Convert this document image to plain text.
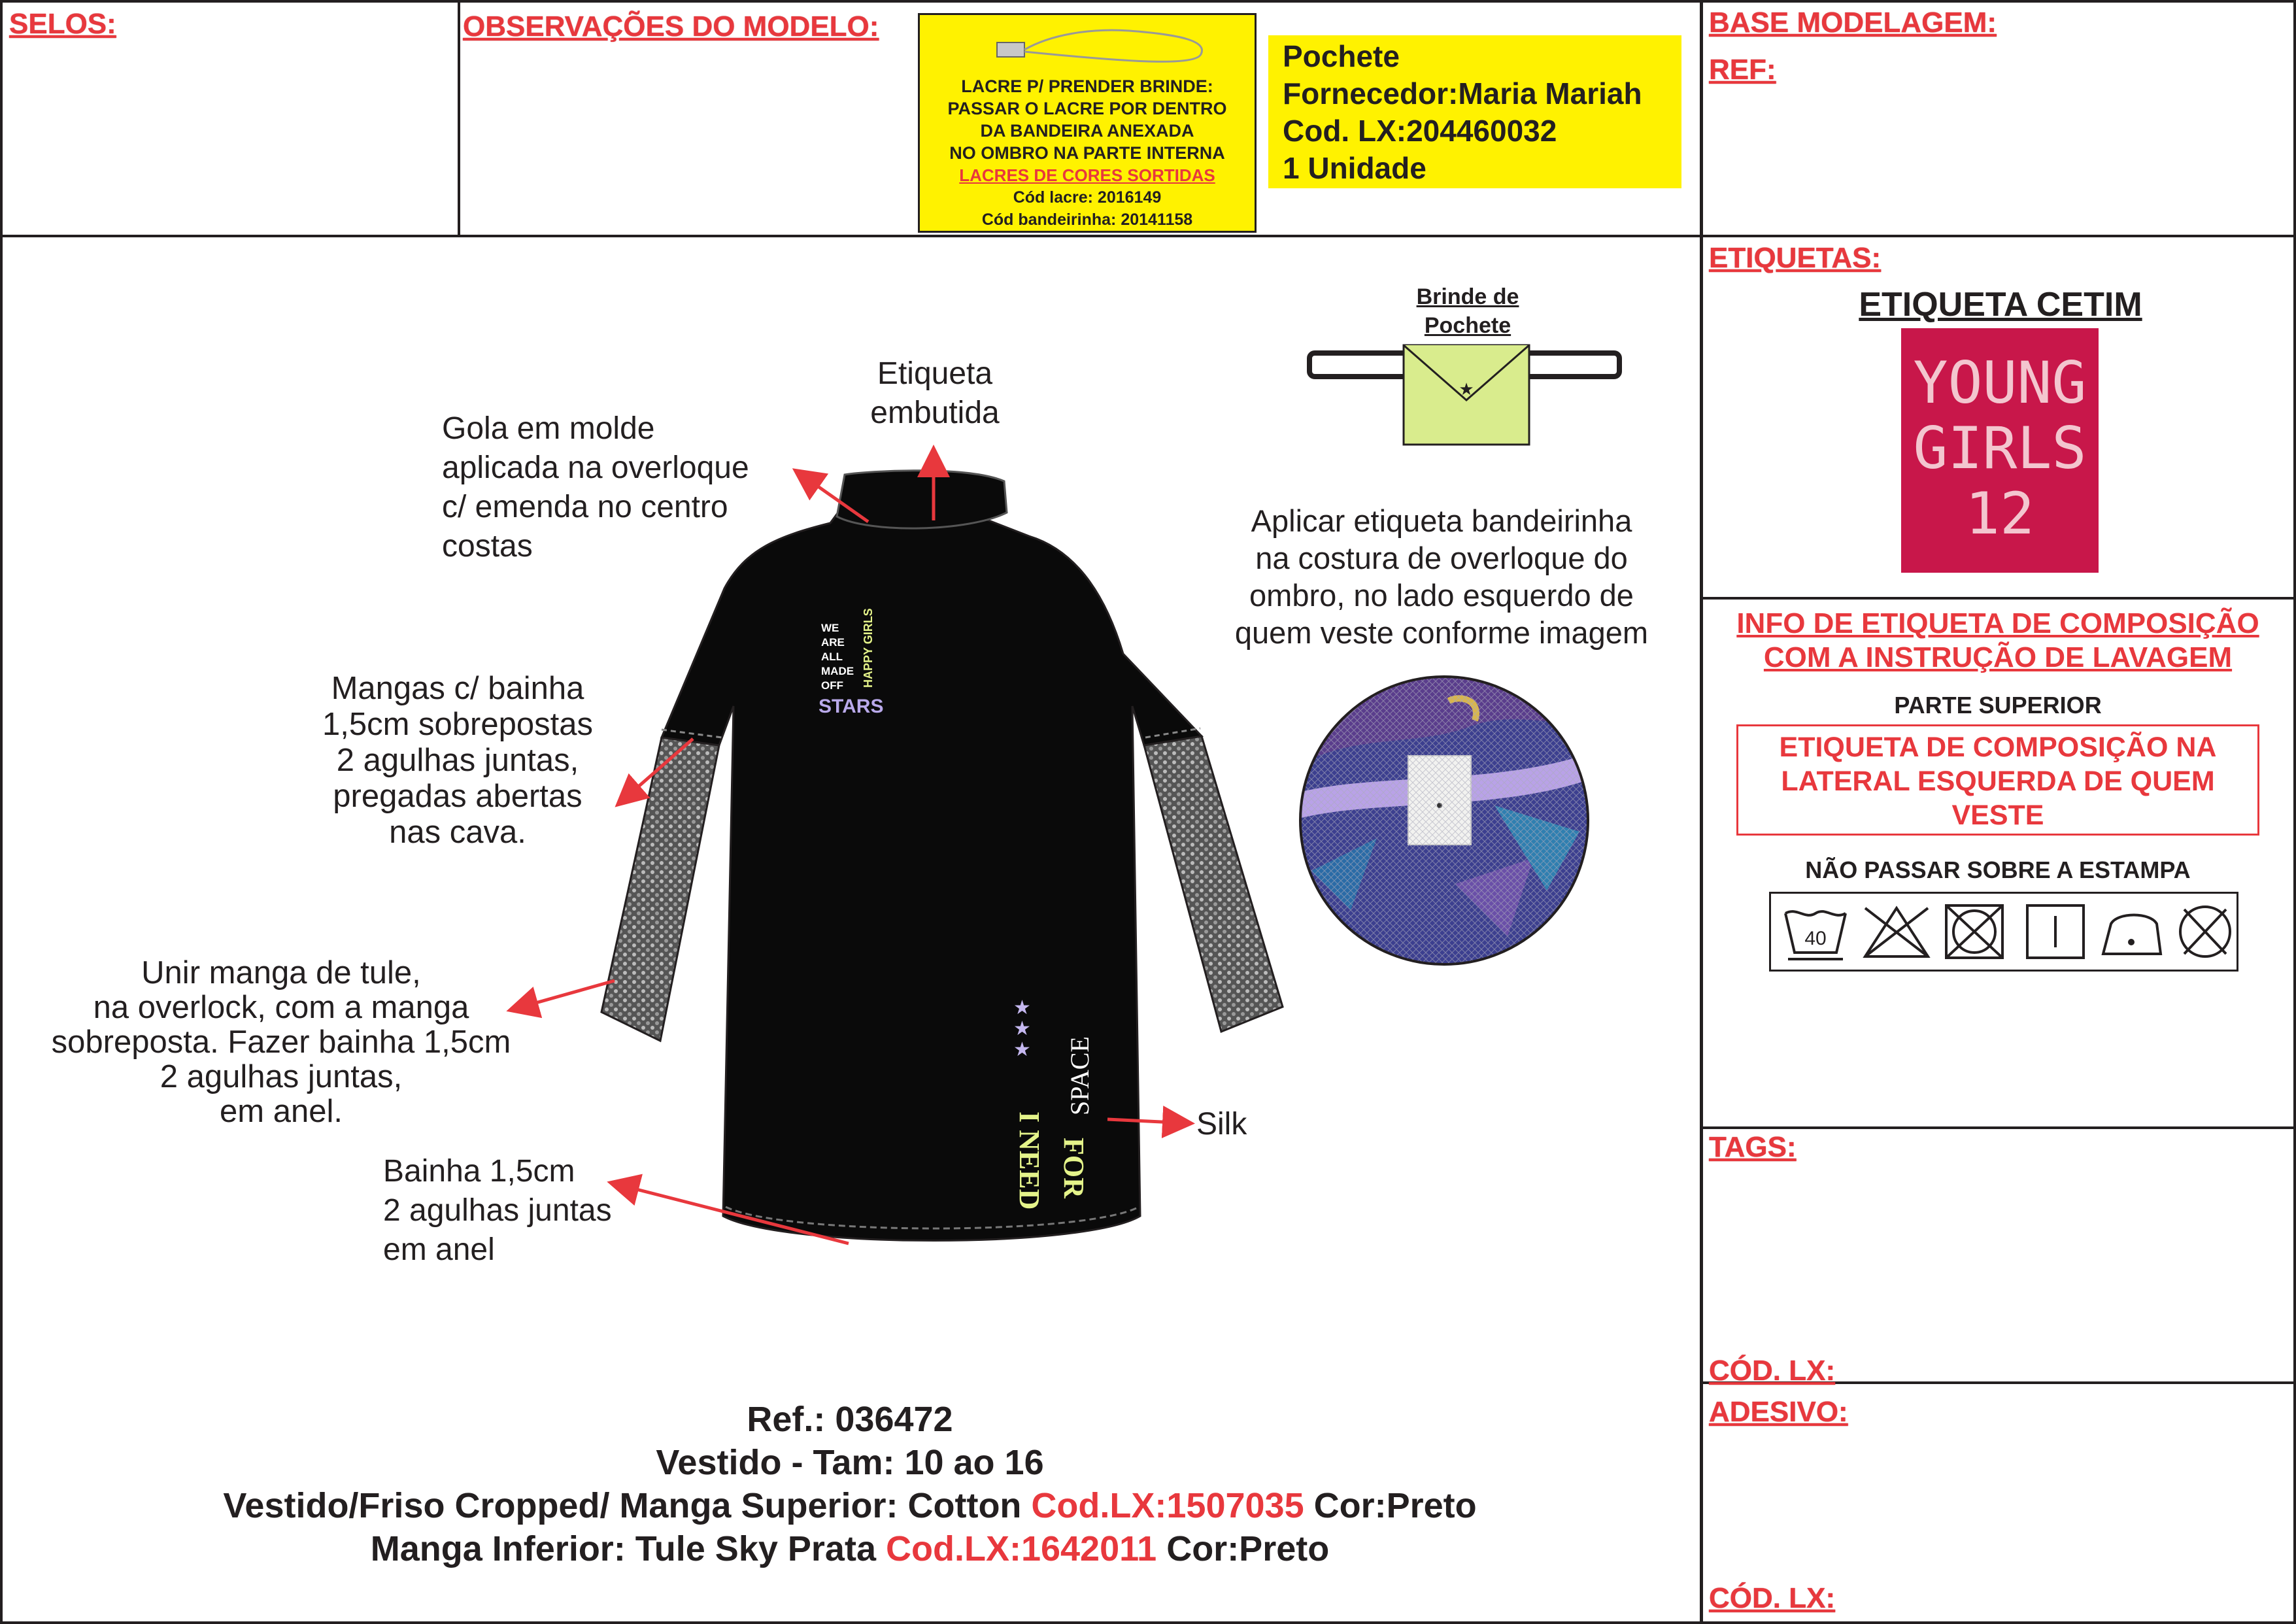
SELOS:	OBSERVAÇÕES DO MODELO:	BASE MODELAGEM:
REF:
ETIQUETAS:
TAGS:
CÓD. LX:
ADESIVO:
CÓD. LX:
LACRE P/ PRENDER BRINDE:
PASSAR O LACRE POR DENTRO
DA BANDEIRA ANEXADA
NO OMBRO NA PARTE INTERNA
LACRES DE CORES SORTIDAS
Cód lacre: 2016149
Cód bandeirinha: 20141158
Pochete
Fornecedor:Maria Mariah
Cod. LX:204460032
1 Unidade
Brinde de
Pochete
★
Etiqueta
embutida
Gola em molde
aplicada na overloque
c/ emenda no centro
costas
Mangas c/ bainha
1,5cm sobrepostas
2 agulhas juntas,
pregadas abertas
nas cava.
Unir manga de tule,
na overlock, com a manga
sobreposta. Fazer bainha 1,5cm
2 agulhas juntas,
em anel.
Bainha 1,5cm
2 agulhas juntas
em anel
Silk
Aplicar etiqueta bandeirinha
na costura de overloque do
ombro, no lado esquerdo de
quem veste conforme imagem
WE
ARE
ALL
MADE
OFF	HAPPY GIRLS
STARS
★
★
★
I NEED FOR
SPACE
ETIQUETA CETIM
YOUNG
GIRLS
12
INFO DE ETIQUETA DE COMPOSIÇÃO
COM A INSTRUÇÃO DE LAVAGEM
PARTE SUPERIOR
ETIQUETA DE COMPOSIÇÃO NA
LATERAL ESQUERDA DE QUEM
VESTE
NÃO PASSAR SOBRE A ESTAMPA
40
Ref.: 036472
Vestido - Tam: 10 ao 16
Vestido/Friso Cropped/ Manga Superior: Cotton Cod.LX:1507035 Cor:Preto
Manga Inferior: Tule Sky Prata Cod.LX:1642011 Cor:Preto
